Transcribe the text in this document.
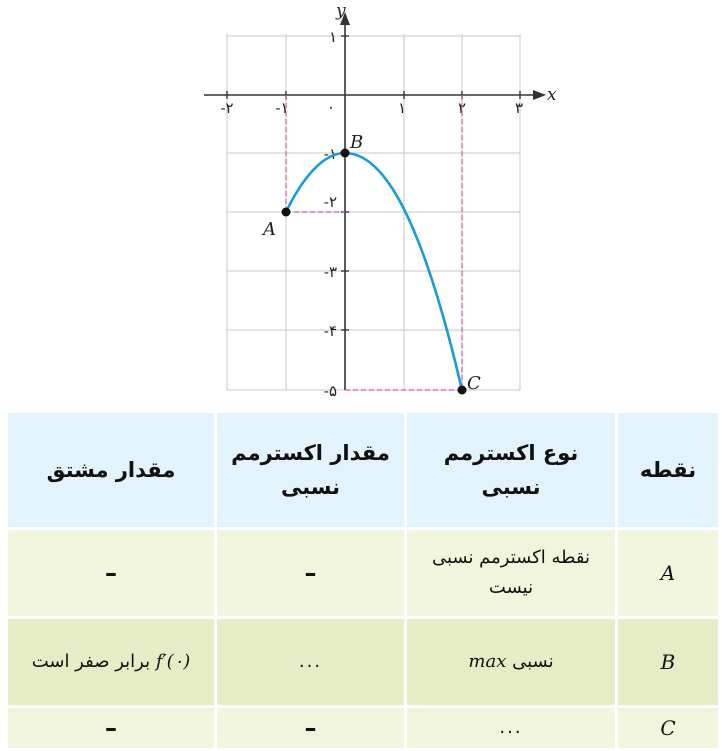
x
y
-۲	-۱	۰	۱	۲	۳
۱
-۱
-۲
-۳
-۴
-۵
A
B
C
مقدار مشتق	مقدار اکسترمم نسبی	نوع اکسترمم نسبی	نقطه
–	–	نقطه اکسترمم نسبی نیست	A
f′(۰) برابر صفر است	...	نسبی max	B
–	–	...	C
